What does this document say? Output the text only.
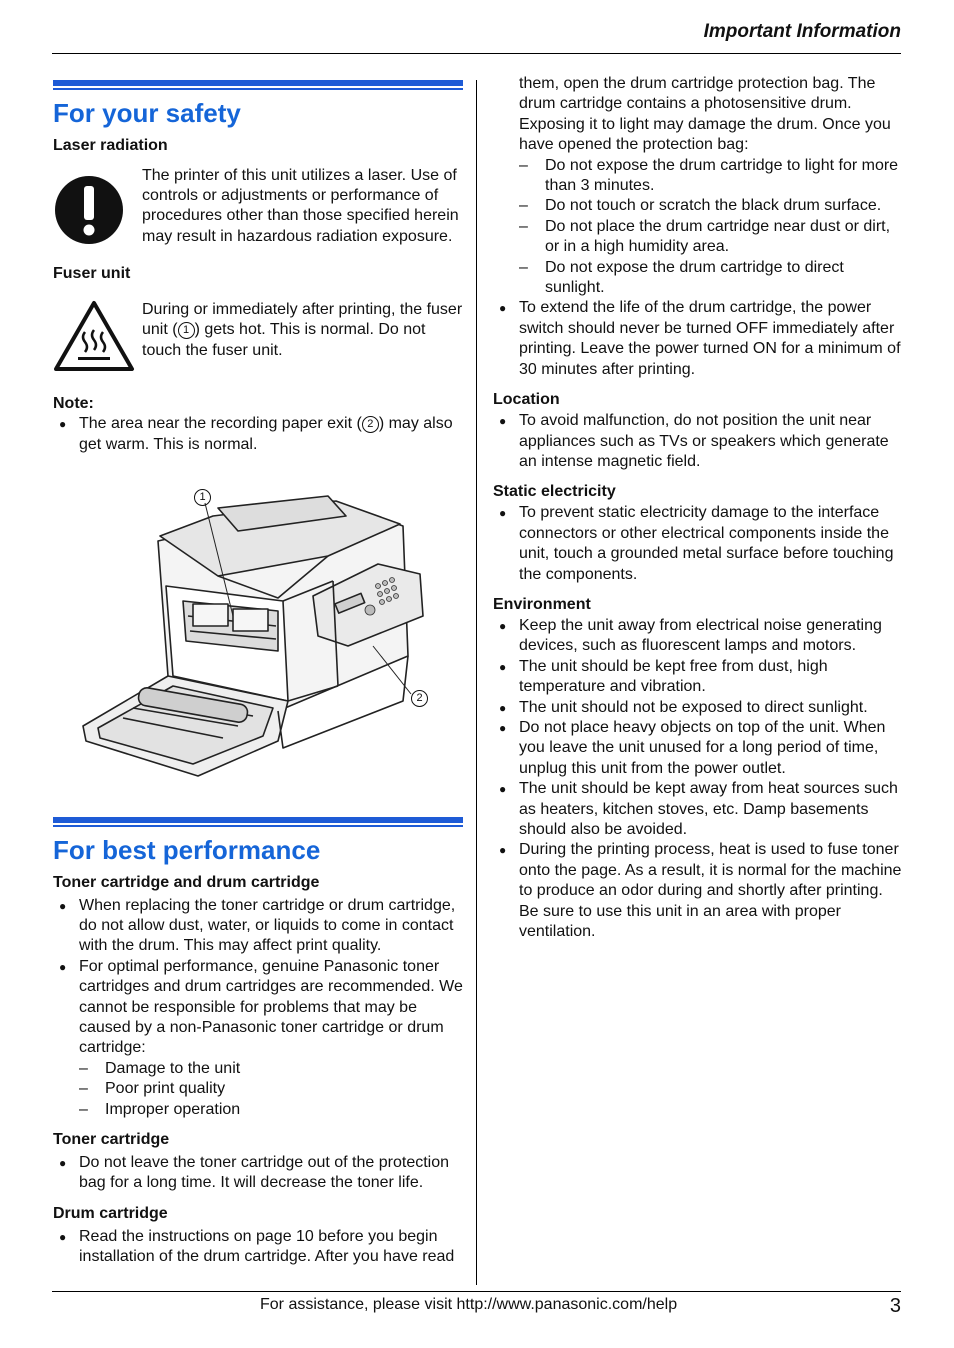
Important Information
For your safety
Laser radiation

The printer of this unit utilizes a laser. Use of controls or adjustments or performance of procedures other than those specified herein may result in hazardous radiation exposure.

Fuser unit

During or immediately after printing, the fuser unit ( 1 ) gets hot. This is normal. Do not touch the fuser unit.

Note:

● The area near the recording paper exit ( 2 ) may also get warm. This is normal.

1
2
For best performance
Toner cartridge and drum cartridge

● When replacing the toner cartridge or drum cartridge, do not allow dust, water, or liquids to come in contact with the drum. This may affect print quality.

● For optimal performance, genuine Panasonic toner cartridges and drum cartridges are recommended. We cannot be responsible for problems that may be caused by a non-Panasonic toner cartridge or drum cartridge:

– Damage to the unit

– Poor print quality

– Improper operation

Toner cartridge

● Do not leave the toner cartridge out of the protection bag for a long time. It will decrease the toner life.

Drum cartridge

● Read the instructions on page 10 before you begin installation of the drum cartridge. After you have read

them, open the drum cartridge protection bag. The drum cartridge contains a photosensitive drum. Exposing it to light may damage the drum. Once you have opened the protection bag:

– Do not expose the drum cartridge to light for more than 3 minutes.

– Do not touch or scratch the black drum surface.

– Do not place the drum cartridge near dust or dirt, or in a high humidity area.

– Do not expose the drum cartridge to direct sunlight.

● To extend the life of the drum cartridge, the power switch should never be turned OFF immediately after printing. Leave the power turned ON for a minimum of 30 minutes after printing.

Location

● To avoid malfunction, do not position the unit near appliances such as TVs or speakers which generate an intense magnetic field.

Static electricity

● To prevent static electricity damage to the interface connectors or other electrical components inside the unit, touch a grounded metal surface before touching the components.

Environment

● Keep the unit away from electrical noise generating devices, such as fluorescent lamps and motors.

● The unit should be kept free from dust, high temperature and vibration.

● The unit should not be exposed to direct sunlight.

● Do not place heavy objects on top of the unit. When you leave the unit unused for a long period of time, unplug this unit from the power outlet.

● The unit should be kept away from heat sources such as heaters, kitchen stoves, etc. Damp basements should also be avoided.

● During the printing process, heat is used to fuse toner onto the page. As a result, it is normal for the machine to produce an odor during and shortly after printing. Be sure to use this unit in an area with proper ventilation.

For assistance, please visit http://www.panasonic.com/help	3
